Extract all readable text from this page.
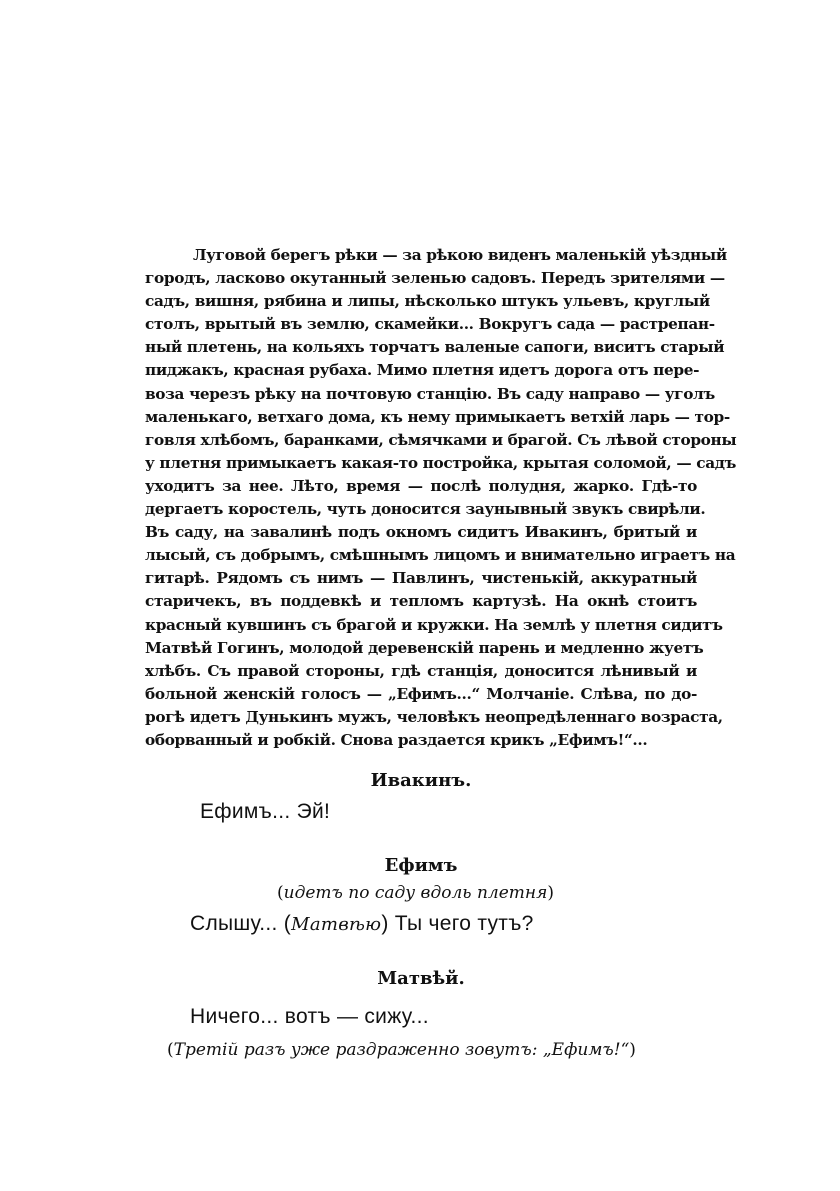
Луговой берегъ рѣки — за рѣкою виденъ маленькій уѣздный
городъ, ласково окутанный зеленью садовъ. Передъ зрителями —
садъ, вишня, рябина и липы, нѣсколько штукъ ульевъ, круглый
столъ, врытый въ землю, скамейки... Вокругъ сада — растрепан-
ный плетень, на кольяхъ торчатъ валеные сапоги, виситъ старый
пиджакъ, красная рубаха. Мимо плетня идетъ дорога отъ пере-
воза черезъ рѣку на почтовую станцію. Въ саду направо — уголъ
маленькаго, ветхаго дома, къ нему примыкаетъ ветхій ларь — тор-
говля хлѣбомъ, баранками, сѣмячками и брагой. Съ лѣвой стороны
у плетня примыкаетъ какая-то постройка, крытая соломой, — садъ
уходитъ за нее. Лѣто, время — послѣ полудня, жарко. Гдѣ-то
дергаетъ коростель, чуть доносится заунывный звукъ свирѣли.
Въ саду, на завалинѣ подъ окномъ сидитъ Ивакинъ, бритый и
лысый, съ добрымъ, смѣшнымъ лицомъ и внимательно играетъ на
гитарѣ. Рядомъ съ нимъ — Павлинъ, чистенькій, аккуратный
старичекъ, въ поддевкѣ и тепломъ картузѣ. На окнѣ стоитъ
красный кувшинъ съ брагой и кружки. На землѣ у плетня сидитъ
Матвѣй Гогинъ, молодой деревенскій парень и медленно жуетъ
хлѣбъ. Съ правой стороны, гдѣ станція, доносится лѣнивый и
больной женскій голосъ — „Ефимъ...“ Молчаніе. Слѣва, по до-
рогѣ идетъ Дунькинъ мужъ, человѣкъ неопредѣленнаго возраста,
оборванный и робкій. Снова раздается крикъ „Ефимъ!“...

Ивакинъ.

Ефимъ... Эй!

Ефимъ

(идетъ по саду вдоль плетня)

Слышу... (Матвѣю) Ты чего тутъ?

Матвѣй.

Ничего... вотъ — сижу...

(Третій разъ уже раздраженно зовутъ: „Ефимъ!“)
